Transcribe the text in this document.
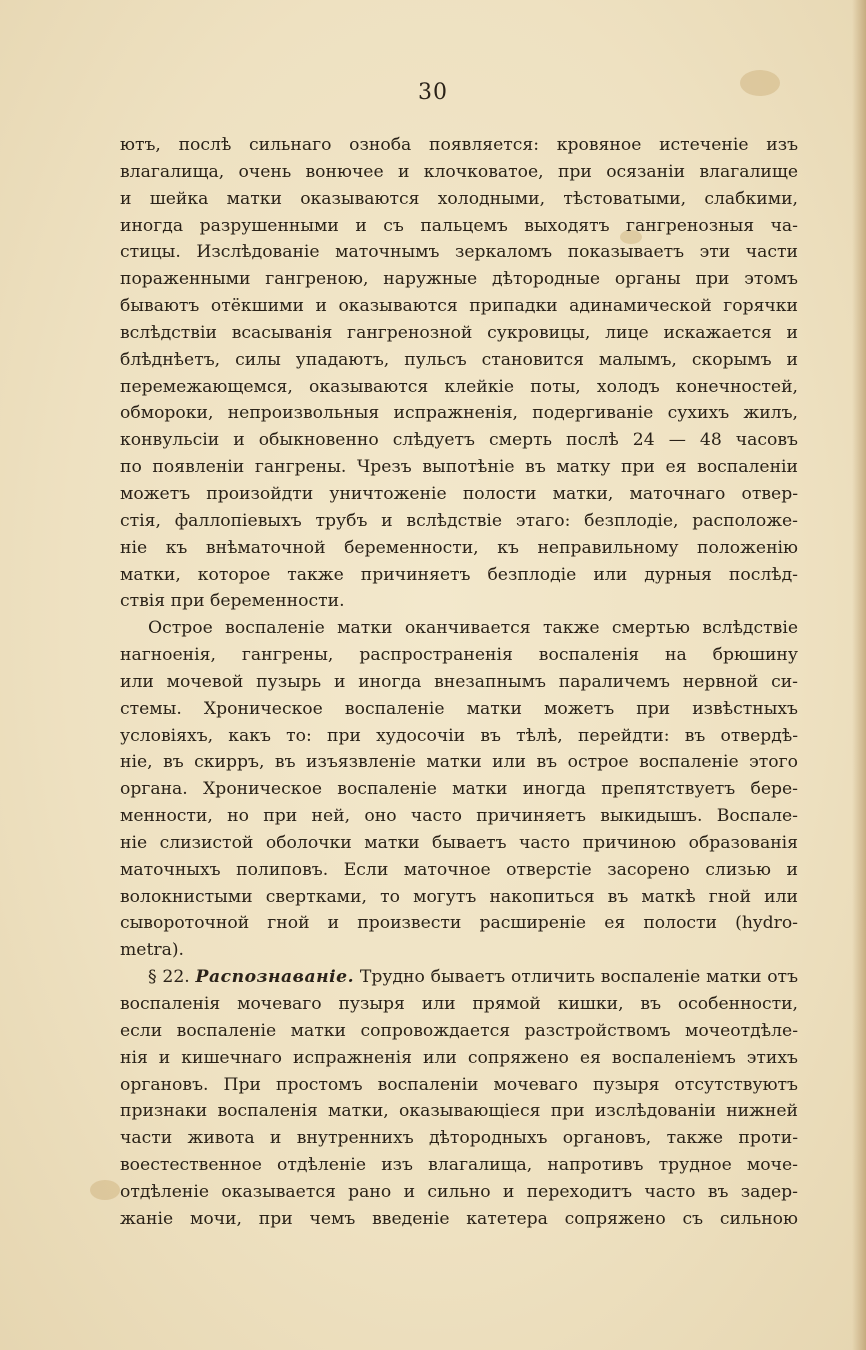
30
ютъ, послѣ сильнаго озноба появляется: кровяное истеченіе изъ
влагалища, очень вонючее и клочковатое, при осязаніи влагалище
и шейка матки оказываются холодными, тѣстоватыми, слабкими,
иногда разрушенными и съ пальцемъ выходятъ гангренозныя ча-
стицы. Изслѣдованіе маточнымъ зеркаломъ показываетъ эти части
пораженными гангреною, наружные дѣтородные органы при этомъ
бываютъ отёкшими и оказываются припадки адинамической горячки
вслѣдствіи всасыванія гангренозной сукровицы, лице искажается и
блѣднѣетъ, силы упадаютъ, пульсъ становится малымъ, скорымъ и
перемежающемся, оказываются клейкіе поты, холодъ конечностей,
обмороки, непроизвольныя испражненія, подергиваніе сухихъ жилъ,
конвульсіи и обыкновенно слѣдуетъ смерть послѣ 24 — 48 часовъ
по появленіи гангрены. Чрезъ выпотѣніе въ матку при ея воспаленіи
можетъ произойдти уничтоженіе полости матки, маточнаго отвер-
стія, фаллопіевыхъ трубъ и вслѣдствіе этаго: безплодіе, расположе-
ніе къ внѣматочной беременности, къ неправильному положенію
матки, которое также причиняетъ безплодіе или дурныя послѣд-
ствія при беременности.
Острое воспаленіе матки оканчивается также смертью вслѣдствіе
нагноенія, гангрены, распространенія воспаленія на брюшину
или мочевой пузырь и иногда внезапнымъ параличемъ нервной си-
стемы. Хроническое воспаленіе матки можетъ при извѣстныхъ
условіяхъ, какъ то: при худосочіи въ тѣлѣ, перейдти: въ отвердѣ-
ніе, въ скирръ, въ изъязвленіе матки или въ острое воспаленіе этого
органа. Хроническое воспаленіе матки иногда препятствуетъ бере-
менности, но при ней, оно часто причиняетъ выкидышъ. Воспале-
ніе слизистой оболочки матки бываетъ часто причиною образованія
маточныхъ полиповъ. Если маточное отверстіе засорено слизью и
волокнистыми свертками, то могутъ накопиться въ маткѣ гной или
сывороточной гной и произвести расширеніе ея полости (hydro-
metra).
§ 22. Распознаваніе. Трудно бываетъ отличить воспаленіе матки отъ
воспаленія мочеваго пузыря или прямой кишки, въ особенности,
если воспаленіе матки сопровождается разстройствомъ мочеотдѣле-
нія и кишечнаго испражненія или сопряжено ея воспаленіемъ этихъ
органовъ. При простомъ воспаленіи мочеваго пузыря отсутствуютъ
признаки воспаленія матки, оказывающіеся при изслѣдованіи нижней
части живота и внутреннихъ дѣтородныхъ органовъ, также проти-
воестественное отдѣленіе изъ влагалища, напротивъ трудное моче-
отдѣленіе оказывается рано и сильно и переходитъ часто въ задер-
жаніе мочи, при чемъ введеніе катетера сопряжено съ сильною
